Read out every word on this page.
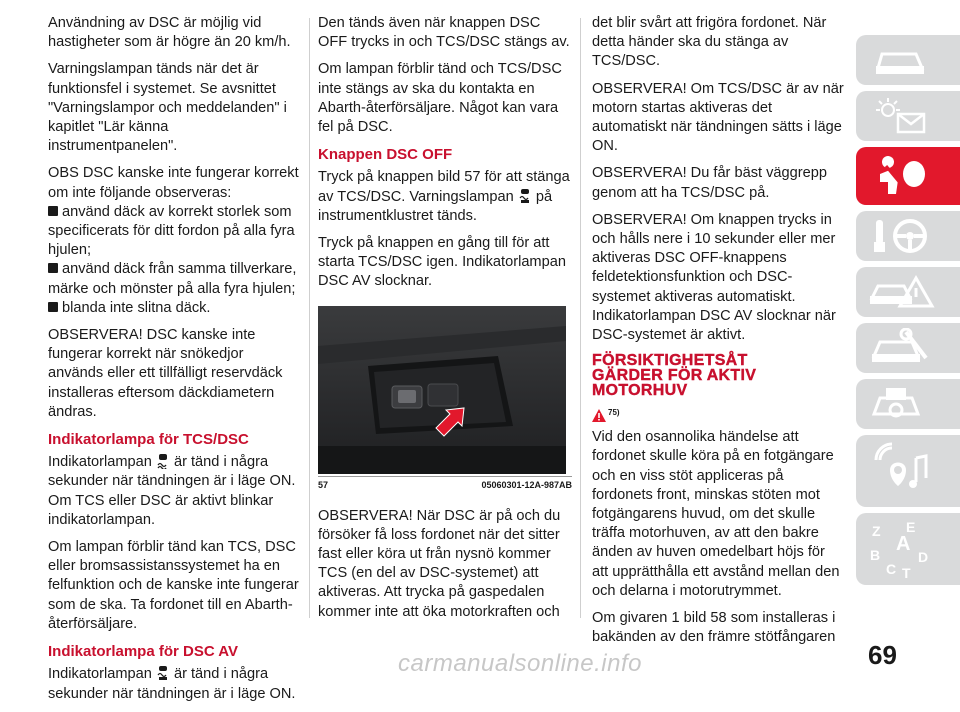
Användning av DSC är möjlig vid hastigheter som är högre än 20 km/h.

Varningslampan tänds när det är funktionsfel i systemet. Se avsnittet "Varningslampor och meddelanden" i kapitlet "Lär känna instrumentpanelen".

OBS DSC kanske inte fungerar korrekt om inte följande observeras:

använd däck av korrekt storlek som specificerats för ditt fordon på alla fyra hjulen;
använd däck från samma tillverkare, märke och mönster på alla fyra hjulen;
blanda inte slitna däck.

OBSERVERA! DSC kanske inte fungerar korrekt när snökedjor används eller ett tillfälligt reservdäck installeras eftersom däckdiametern ändras.

Indikatorlampa för TCS/DSC

Indikatorlampan är tänd i några sekunder när tändningen är i läge ON. Om TCS eller DSC är aktivt blinkar indikatorlampan.

Om lampan förblir tänd kan TCS, DSC eller bromsassistanssystemet ha en felfunktion och de kanske inte fungerar som de ska. Ta fordonet till en Abarth-återförsäljare.

Indikatorlampa för DSC AV

Indikatorlampan är tänd i några sekunder när tändningen är i läge ON.

Den tänds även när knappen DSC OFF trycks in och TCS/DSC stängs av.

Om lampan förblir tänd och TCS/DSC inte stängs av ska du kontakta en Abarth-återförsäljare. Något kan vara fel på DSC.

Knappen DSC OFF

Tryck på knappen bild 57 för att stänga av TCS/DSC. Varningslampan på instrumentklustret tänds.

Tryck på knappen en gång till för att starta TCS/DSC igen. Indikatorlampan DSC AV slocknar.

57	05060301-12A-987AB

OBSERVERA! När DSC är på och du försöker få loss fordonet när det sitter fast eller köra ut från nysnö kommer TCS (en del av DSC-systemet) att aktiveras. Att trycka på gaspedalen kommer inte att öka motorkraften och

det blir svårt att frigöra fordonet. När detta händer ska du stänga av TCS/DSC.

OBSERVERA! Om TCS/DSC är av när motorn startas aktiveras det automatiskt när tändningen sätts i läge ON.

OBSERVERA! Du får bäst väggrepp genom att ha TCS/DSC på.

OBSERVERA! Om knappen trycks in och hålls nere i 10 sekunder eller mer aktiveras DSC OFF-knappens feldetektionsfunktion och DSC-systemet aktiveras automatiskt. Indikatorlampan DSC AV slocknar när DSC-systemet är aktivt.

FÖRSIKTIGHETSÅT
GÄRDER FÖR AKTIV
MOTORHUV
75)

Vid den osannolika händelse att fordonet skulle köra på en fotgängare och en viss stöt appliceras på fordonets front, minskas stöten mot fotgängarens huvud, om det skulle träffa motorhuven, av att den bakre änden av huven omedelbart höjs för att upprätthålla ett avstånd mellan den och delarna i motorutrymmet.

Om givaren 1 bild 58 som installeras i bakänden av den främre stötfångaren

Z E
A
B	D
C T
69
carmanualsonline.info
